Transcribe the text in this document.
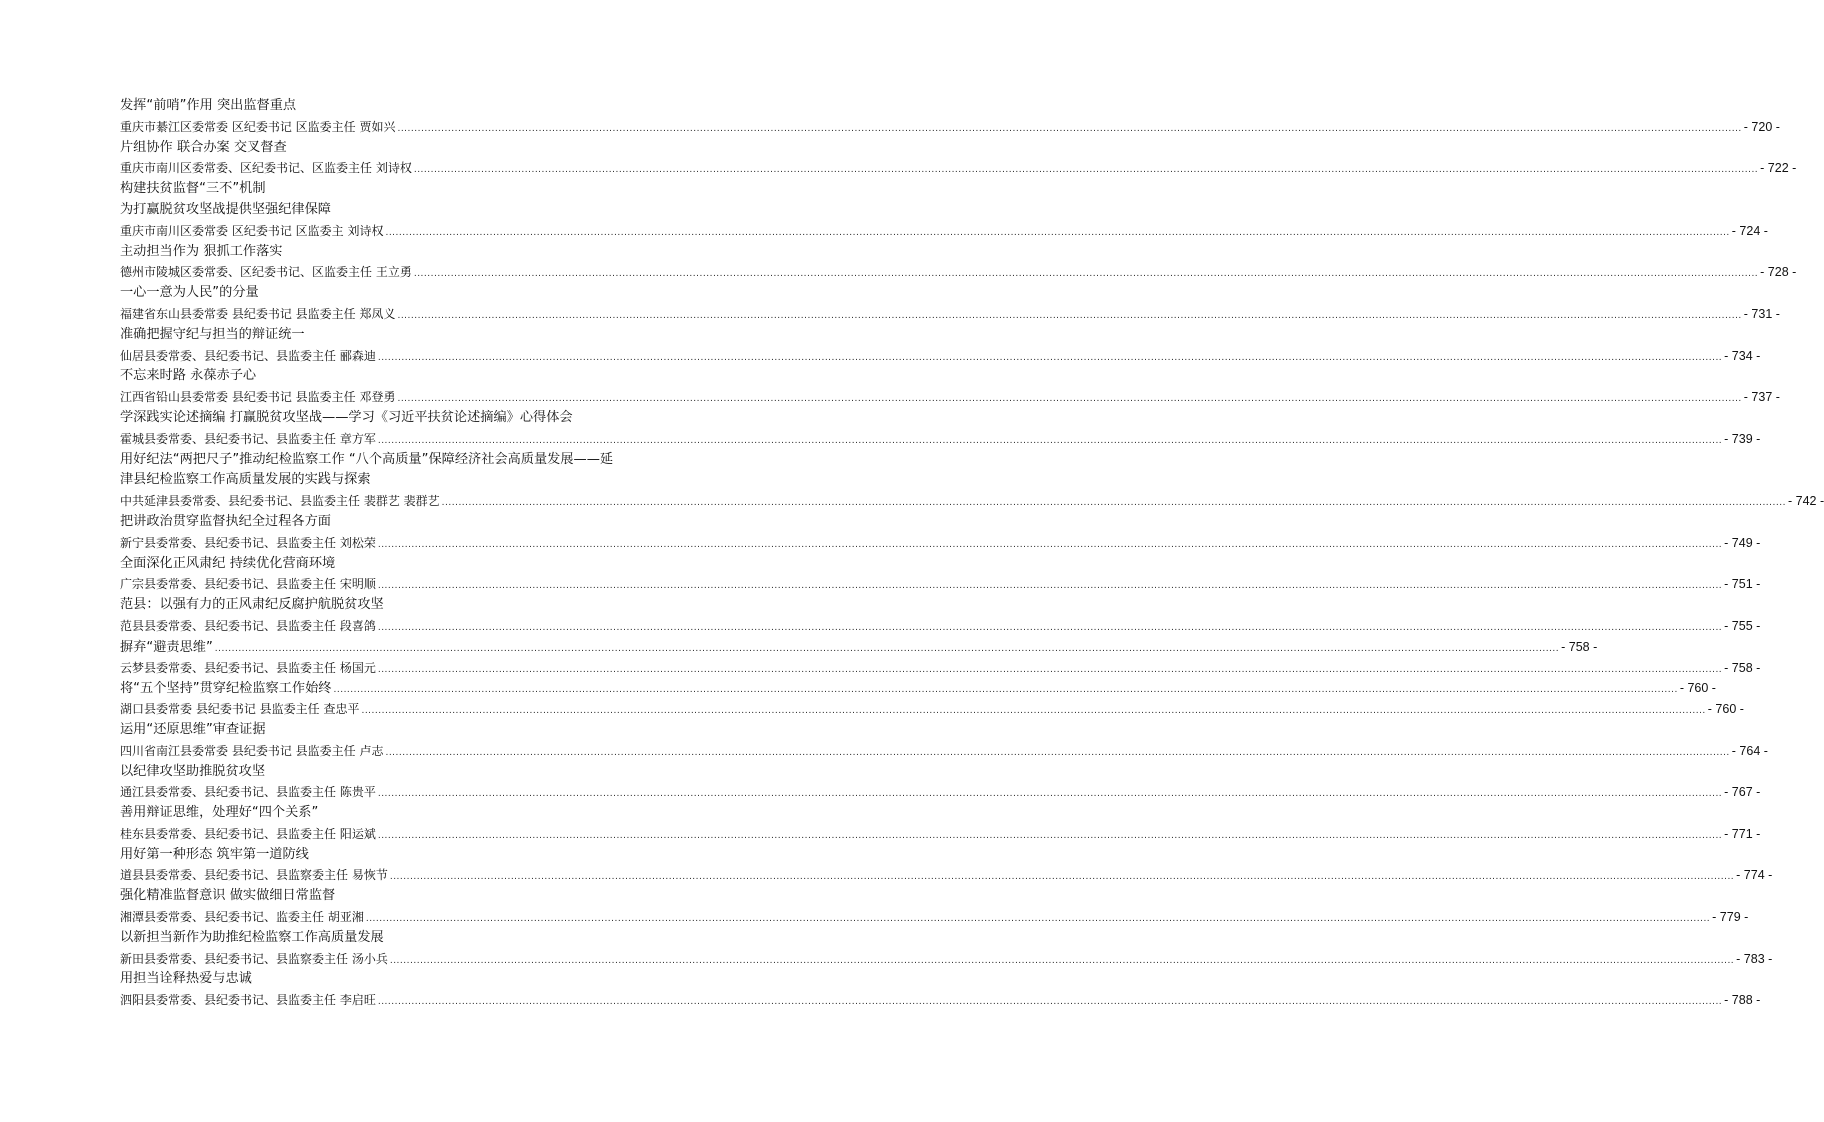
发挥“前哨”作用 突出监督重点
重庆市綦江区委常委 区纪委书记 区监委主任 贾如兴 ................................................................................................................................................................................................................................................................................................................................................................................................................ - 720 -
片组协作 联合办案 交叉督查
重庆市南川区委常委、区纪委书记、区监委主任 刘诗权 ................................................................................................................................................................................................................................................................................................................................................................................................................ - 722 -
构建扶贫监督“三不”机制
为打赢脱贫攻坚战提供坚强纪律保障
重庆市南川区委常委 区纪委书记 区监委主 刘诗权 ................................................................................................................................................................................................................................................................................................................................................................................................................ - 724 -
主动担当作为 狠抓工作落实
德州市陵城区委常委、区纪委书记、区监委主任 王立勇 ................................................................................................................................................................................................................................................................................................................................................................................................................ - 728 -
一心一意为人民”的分量
福建省东山县委常委 县纪委书记 县监委主任 郑凤义 ................................................................................................................................................................................................................................................................................................................................................................................................................ - 731 -
准确把握守纪与担当的辩证统一
仙居县委常委、县纪委书记、县监委主任 郦森迪 ................................................................................................................................................................................................................................................................................................................................................................................................................ - 734 -
不忘来时路 永葆赤子心
江西省铅山县委常委 县纪委书记 县监委主任 邓登勇 ................................................................................................................................................................................................................................................................................................................................................................................................................ - 737 -
学深践实论述摘编 打赢脱贫攻坚战——学习《习近平扶贫论述摘编》心得体会
霍城县委常委、县纪委书记、县监委主任 章方军 ................................................................................................................................................................................................................................................................................................................................................................................................................ - 739 -
用好纪法“两把尺子”推动纪检监察工作 “八个高质量”保障经济社会高质量发展——延
津县纪检监察工作高质量发展的实践与探索
中共延津县委常委、县纪委书记、县监委主任 裴群艺 裴群艺 ................................................................................................................................................................................................................................................................................................................................................................................................................ - 742 -
把讲政治贯穿监督执纪全过程各方面
新宁县委常委、县纪委书记、县监委主任 刘松荣 ................................................................................................................................................................................................................................................................................................................................................................................................................ - 749 -
全面深化正风肃纪 持续优化营商环境
广宗县委常委、县纪委书记、县监委主任 宋明顺 ................................................................................................................................................................................................................................................................................................................................................................................................................ - 751 -
范县：以强有力的正风肃纪反腐护航脱贫攻坚
范县县委常委、县纪委书记、县监委主任 段喜鸽 ................................................................................................................................................................................................................................................................................................................................................................................................................ - 755 -
摒弃“避责思维” ................................................................................................................................................................................................................................................................................................................................................................................................................ - 758 -
云梦县委常委、县纪委书记、县监委主任 杨国元 ................................................................................................................................................................................................................................................................................................................................................................................................................ - 758 -
将“五个坚持”贯穿纪检监察工作始终 ................................................................................................................................................................................................................................................................................................................................................................................................................ - 760 -
湖口县委常委 县纪委书记 县监委主任 查忠平 ................................................................................................................................................................................................................................................................................................................................................................................................................ - 760 -
运用“还原思维”审查证据
四川省南江县委常委 县纪委书记 县监委主任 卢志 ................................................................................................................................................................................................................................................................................................................................................................................................................ - 764 -
以纪律攻坚助推脱贫攻坚
通江县委常委、县纪委书记、县监委主任 陈贵平 ................................................................................................................................................................................................................................................................................................................................................................................................................ - 767 -
善用辩证思维，处理好“四个关系”
桂东县委常委、县纪委书记、县监委主任 阳运斌 ................................................................................................................................................................................................................................................................................................................................................................................................................ - 771 -
用好第一种形态 筑牢第一道防线
道县县委常委、县纪委书记、县监察委主任 易恢节 ................................................................................................................................................................................................................................................................................................................................................................................................................ - 774 -
强化精准监督意识 做实做细日常监督
湘潭县委常委、县纪委书记、监委主任 胡亚湘 ................................................................................................................................................................................................................................................................................................................................................................................................................ - 779 -
以新担当新作为助推纪检监察工作高质量发展
新田县委常委、县纪委书记、县监察委主任 汤小兵 ................................................................................................................................................................................................................................................................................................................................................................................................................ - 783 -
用担当诠释热爱与忠诚
泗阳县委常委、县纪委书记、县监委主任 李启旺 ................................................................................................................................................................................................................................................................................................................................................................................................................ - 788 -
